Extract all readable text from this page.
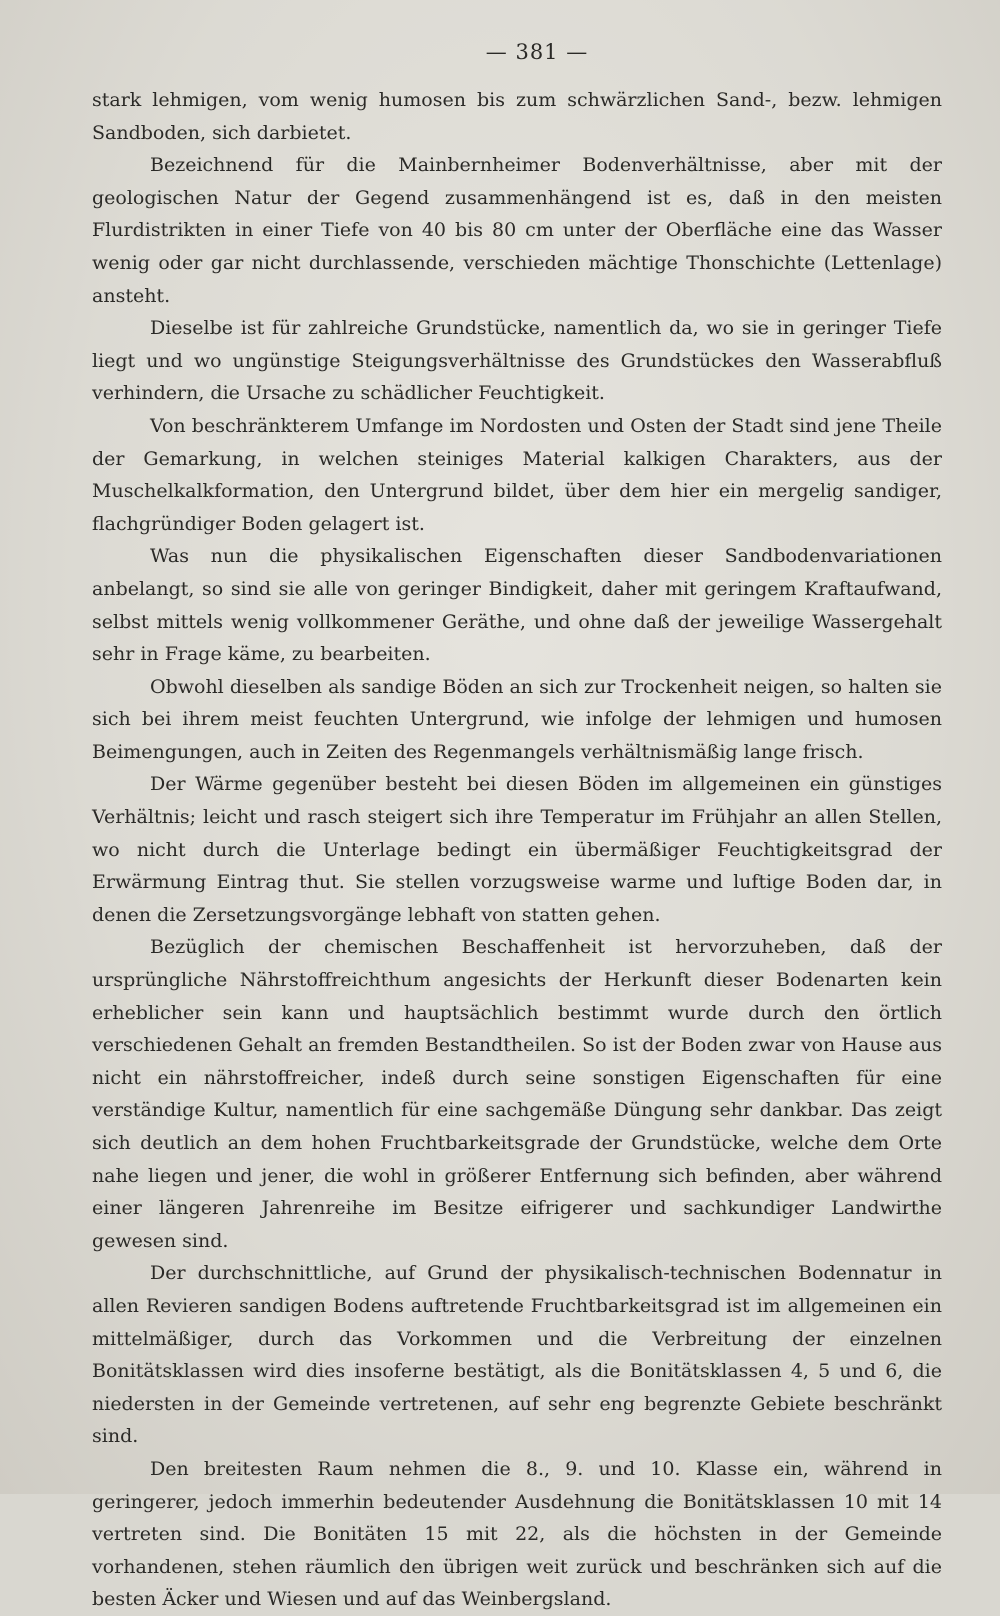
— 381 —

stark lehmigen, vom wenig humosen bis zum schwärzlichen Sand-, bezw. lehmigen Sandboden, sich darbietet.

Bezeichnend für die Mainbernheimer Bodenverhältnisse, aber mit der geologischen Natur der Gegend zusammenhängend ist es, daß in den meisten Flurdistrikten in einer Tiefe von 40 bis 80 cm unter der Oberfläche eine das Wasser wenig oder gar nicht durchlassende, verschieden mächtige Thonschichte (Lettenlage) ansteht.

Dieselbe ist für zahlreiche Grundstücke, namentlich da, wo sie in geringer Tiefe liegt und wo ungünstige Steigungsverhältnisse des Grundstückes den Wasserabfluß verhindern, die Ursache zu schädlicher Feuchtigkeit.

Von beschränkterem Umfange im Nordosten und Osten der Stadt sind jene Theile der Gemarkung, in welchen steiniges Material kalkigen Charakters, aus der Muschelkalkformation, den Untergrund bildet, über dem hier ein mergelig sandiger, flachgründiger Boden gelagert ist.

Was nun die physikalischen Eigenschaften dieser Sandbodenvariationen anbelangt, so sind sie alle von geringer Bindigkeit, daher mit geringem Kraftaufwand, selbst mittels wenig vollkommener Geräthe, und ohne daß der jeweilige Wassergehalt sehr in Frage käme, zu bearbeiten.

Obwohl dieselben als sandige Böden an sich zur Trockenheit neigen, so halten sie sich bei ihrem meist feuchten Untergrund, wie infolge der lehmigen und humosen Beimengungen, auch in Zeiten des Regenmangels verhältnismäßig lange frisch.

Der Wärme gegenüber besteht bei diesen Böden im allgemeinen ein günstiges Verhältnis; leicht und rasch steigert sich ihre Temperatur im Frühjahr an allen Stellen, wo nicht durch die Unterlage bedingt ein übermäßiger Feuchtigkeitsgrad der Erwärmung Eintrag thut. Sie stellen vorzugsweise warme und luftige Boden dar, in denen die Zersetzungsvorgänge lebhaft von statten gehen.

Bezüglich der chemischen Beschaffenheit ist hervorzuheben, daß der ursprüngliche Nährstoffreichthum angesichts der Herkunft dieser Bodenarten kein erheblicher sein kann und hauptsächlich bestimmt wurde durch den örtlich verschiedenen Gehalt an fremden Bestandtheilen. So ist der Boden zwar von Hause aus nicht ein nährstoffreicher, indeß durch seine sonstigen Eigenschaften für eine verständige Kultur, namentlich für eine sachgemäße Düngung sehr dankbar. Das zeigt sich deutlich an dem hohen Fruchtbarkeitsgrade der Grundstücke, welche dem Orte nahe liegen und jener, die wohl in größerer Entfernung sich befinden, aber während einer längeren Jahrenreihe im Besitze eifrigerer und sachkundiger Landwirthe gewesen sind.

Der durchschnittliche, auf Grund der physikalisch-technischen Bodennatur in allen Revieren sandigen Bodens auftretende Fruchtbarkeitsgrad ist im allgemeinen ein mittelmäßiger, durch das Vorkommen und die Verbreitung der einzelnen Bonitätsklassen wird dies insoferne bestätigt, als die Bonitätsklassen 4, 5 und 6, die niedersten in der Gemeinde vertretenen, auf sehr eng begrenzte Gebiete beschränkt sind.

Den breitesten Raum nehmen die 8., 9. und 10. Klasse ein, während in geringerer, jedoch immerhin bedeutender Ausdehnung die Bonitätsklassen 10 mit 14 vertreten sind. Die Bonitäten 15 mit 22, als die höchsten in der Gemeinde vorhandenen, stehen räumlich den übrigen weit zurück und beschränken sich auf die besten Äcker und Wiesen und auf das Weinbergsland.
